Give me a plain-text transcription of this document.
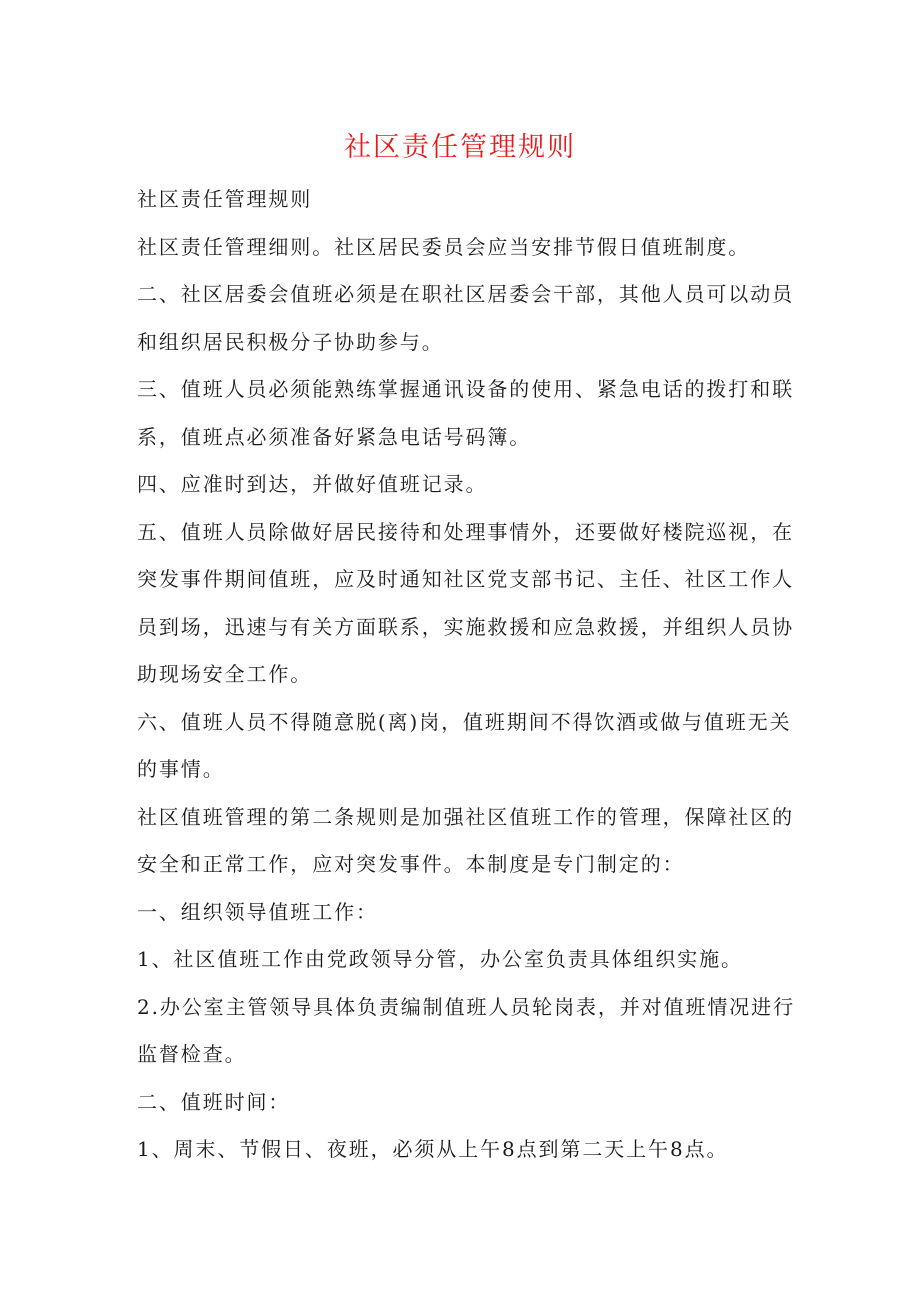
社区责任管理规则

社区责任管理规则

社区责任管理细则。社区居民委员会应当安排节假日值班制度。

二、社区居委会值班必须是在职社区居委会干部，其他人员可以动员
和组织居民积极分子协助参与。

三、值班人员必须能熟练掌握通讯设备的使用、紧急电话的拨打和联
系，值班点必须准备好紧急电话号码簿。

四、应准时到达，并做好值班记录。

五、值班人员除做好居民接待和处理事情外，还要做好楼院巡视，在
突发事件期间值班，应及时通知社区党支部书记、主任、社区工作人
员到场，迅速与有关方面联系，实施救援和应急救援，并组织人员协
助现场安全工作。

六、值班人员不得随意脱(离)岗，值班期间不得饮酒或做与值班无关
的事情。

社区值班管理的第二条规则是加强社区值班工作的管理，保障社区的
安全和正常工作，应对突发事件。本制度是专门制定的：

一、组织领导值班工作：

1、社区值班工作由党政领导分管，办公室负责具体组织实施。

2.办公室主管领导具体负责编制值班人员轮岗表，并对值班情况进行
监督检查。

二、值班时间：

1、周末、节假日、夜班，必须从上午8点到第二天上午8点。
